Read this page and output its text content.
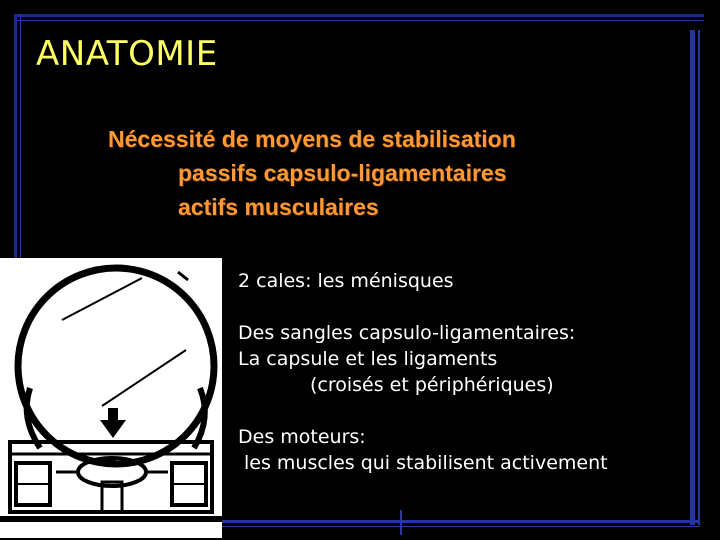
ANATOMIE
Nécessité de moyens de stabilisation
passifs capsulo-ligamentaires
actifs musculaires
2 cales: les ménisques
Des sangles capsulo-ligamentaires:
La capsule et les ligaments
(croisés et périphériques)
Des moteurs:
les muscles qui stabilisent activement
